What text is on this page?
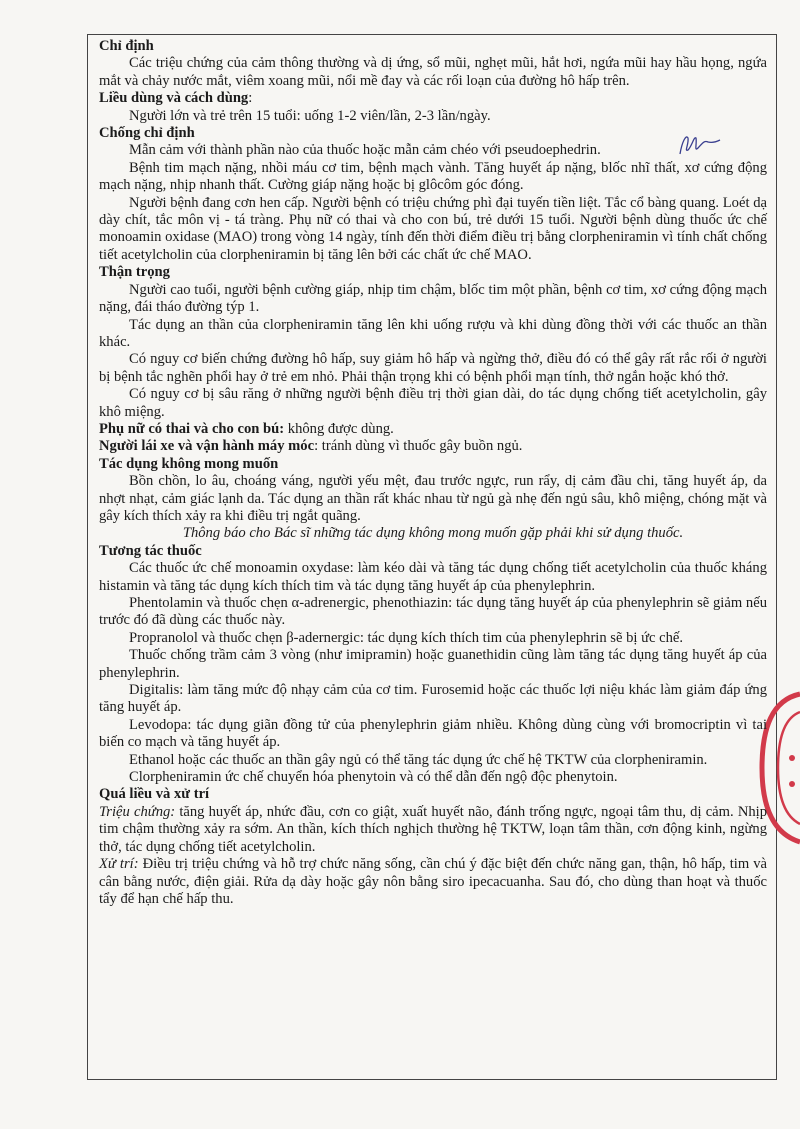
Chỉ định

Các triệu chứng của cảm thông thường và dị ứng, sổ mũi, nghẹt mũi, hắt hơi, ngứa mũi hay hầu họng, ngứa mắt và chảy nước mắt, viêm xoang mũi, nổi mề đay và các rối loạn của đường hô hấp trên.

Liều dùng và cách dùng:

Người lớn và trẻ trên 15 tuổi: uống 1-2 viên/lần, 2-3 lần/ngày.

Chống chỉ định

Mẫn cảm với thành phần nào của thuốc hoặc mẫn cảm chéo với pseudoephedrin.

Bệnh tim mạch nặng, nhồi máu cơ tim, bệnh mạch vành. Tăng huyết áp nặng, blốc nhĩ thất, xơ cứng động mạch nặng, nhịp nhanh thất. Cường giáp nặng hoặc bị glôcôm góc đóng.

Người bệnh đang cơn hen cấp. Người bệnh có triệu chứng phì đại tuyến tiền liệt. Tắc cổ bàng quang. Loét dạ dày chít, tắc môn vị - tá tràng. Phụ nữ có thai và cho con bú, trẻ dưới 15 tuổi. Người bệnh dùng thuốc ức chế monoamin oxidase (MAO) trong vòng 14 ngày, tính đến thời điểm điều trị bằng clorpheniramin vì tính chất chống tiết acetylcholin của clorpheniramin bị tăng lên bởi các chất ức chế MAO.

Thận trọng

Người cao tuổi, người bệnh cường giáp, nhịp tim chậm, blốc tim một phần, bệnh cơ tim, xơ cứng động mạch nặng, đái tháo đường týp 1.

Tác dụng an thần của clorpheniramin tăng lên khi uống rượu và khi dùng đồng thời với các thuốc an thần khác.

Có nguy cơ biến chứng đường hô hấp, suy giảm hô hấp và ngừng thở, điều đó có thể gây rất rắc rối ở người bị bệnh tắc nghẽn phổi hay ở trẻ em nhỏ. Phải thận trọng khi có bệnh phổi mạn tính, thở ngắn hoặc khó thở.

Có nguy cơ bị sâu răng ở những người bệnh điều trị thời gian dài, do tác dụng chống tiết acetylcholin, gây khô miệng.

Phụ nữ có thai và cho con bú: không được dùng.

Người lái xe và vận hành máy móc: tránh dùng vì thuốc gây buồn ngủ.

Tác dụng không mong muốn

Bồn chồn, lo âu, choáng váng, người yếu mệt, đau trước ngực, run rẩy, dị cảm đầu chi, tăng huyết áp, da nhợt nhạt, cảm giác lạnh da. Tác dụng an thần rất khác nhau từ ngủ gà nhẹ đến ngủ sâu, khô miệng, chóng mặt và gây kích thích xảy ra khi điều trị ngắt quãng.

Thông báo cho Bác sĩ những tác dụng không mong muốn gặp phải khi sử dụng thuốc.

Tương tác thuốc

Các thuốc ức chế monoamin oxydase: làm kéo dài và tăng tác dụng chống tiết acetylcholin của thuốc kháng histamin và tăng tác dụng kích thích tim và tác dụng tăng huyết áp của phenylephrin.

Phentolamin và thuốc chẹn α-adrenergic, phenothiazin: tác dụng tăng huyết áp của phenylephrin sẽ giảm nếu trước đó đã dùng các thuốc này.

Propranolol và thuốc chẹn β-adernergic: tác dụng kích thích tim của phenylephrin sẽ bị ức chế.

Thuốc chống trầm cảm 3 vòng (như imipramin) hoặc guanethidin cũng làm tăng tác dụng tăng huyết áp của phenylephrin.

Digitalis: làm tăng mức độ nhạy cảm của cơ tim. Furosemid hoặc các thuốc lợi niệu khác làm giảm đáp ứng tăng huyết áp.

Levodopa: tác dụng giãn đồng tử của phenylephrin giảm nhiều. Không dùng cùng với bromocriptin vì tai biến co mạch và tăng huyết áp.

Ethanol hoặc các thuốc an thần gây ngủ có thể tăng tác dụng ức chế hệ TKTW của clorpheniramin.

Clorpheniramin ức chế chuyển hóa phenytoin và có thể dẫn đến ngộ độc phenytoin.

Quá liều và xử trí

Triệu chứng: tăng huyết áp, nhức đầu, cơn co giật, xuất huyết não, đánh trống ngực, ngoại tâm thu, dị cảm. Nhịp tim chậm thường xảy ra sớm. An thần, kích thích nghịch thường hệ TKTW, loạn tâm thần, cơn động kinh, ngừng thở, tác dụng chống tiết acetylcholin.

Xử trí: Điều trị triệu chứng và hỗ trợ chức năng sống, cần chú ý đặc biệt đến chức năng gan, thận, hô hấp, tim và cân bằng nước, điện giải. Rửa dạ dày hoặc gây nôn bằng siro ipecacuanha. Sau đó, cho dùng than hoạt và thuốc tẩy để hạn chế hấp thu.
